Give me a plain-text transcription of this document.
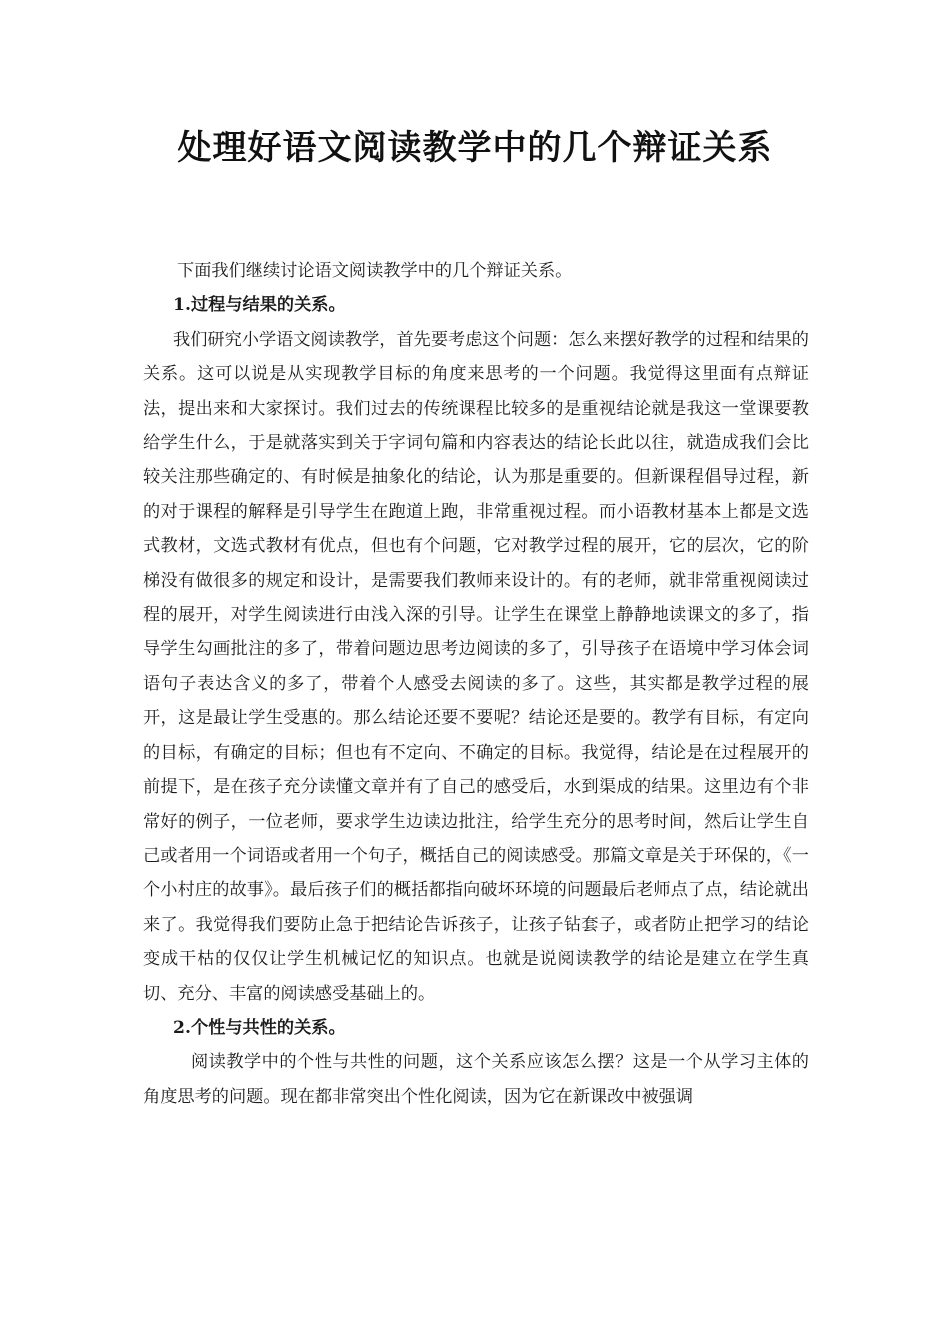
处理好语文阅读教学中的几个辩证关系

下面我们继续讨论语文阅读教学中的几个辩证关系。

1.过程与结果的关系。

我们研究小学语文阅读教学，首先要考虑这个问题：怎么来摆好教学的过程和结果的关系。这可以说是从实现教学目标的角度来思考的一个问题。我觉得这里面有点辩证法，提出来和大家探讨。我们过去的传统课程比较多的是重视结论就是我这一堂课要教给学生什么，于是就落实到关于字词句篇和内容表达的结论长此以往，就造成我们会比较关注那些确定的、有时候是抽象化的结论，认为那是重要的。但新课程倡导过程，新的对于课程的解释是引导学生在跑道上跑，非常重视过程。而小语教材基本上都是文选式教材，文选式教材有优点，但也有个问题，它对教学过程的展开，它的层次，它的阶梯没有做很多的规定和设计，是需要我们教师来设计的。有的老师，就非常重视阅读过程的展开，对学生阅读进行由浅入深的引导。让学生在课堂上静静地读课文的多了，指导学生勾画批注的多了，带着问题边思考边阅读的多了，引导孩子在语境中学习体会词语句子表达含义的多了，带着个人感受去阅读的多了。这些，其实都是教学过程的展开，这是最让学生受惠的。那么结论还要不要呢？结论还是要的。教学有目标，有定向的目标，有确定的目标；但也有不定向、不确定的目标。我觉得，结论是在过程展开的前提下，是在孩子充分读懂文章并有了自己的感受后，水到渠成的结果。这里边有个非常好的例子，一位老师，要求学生边读边批注，给学生充分的思考时间，然后让学生自己或者用一个词语或者用一个句子，概括自己的阅读感受。那篇文章是关于环保的，《一个小村庄的故事》。最后孩子们的概括都指向破坏环境的问题最后老师点了点，结论就出来了。我觉得我们要防止急于把结论告诉孩子，让孩子钻套子，或者防止把学习的结论变成干枯的仅仅让学生机械记忆的知识点。也就是说阅读教学的结论是建立在学生真切、充分、丰富的阅读感受基础上的。

2.个性与共性的关系。

阅读教学中的个性与共性的问题，这个关系应该怎么摆？这是一个从学习主体的角度思考的问题。现在都非常突出个性化阅读，因为它在新课改中被强调
